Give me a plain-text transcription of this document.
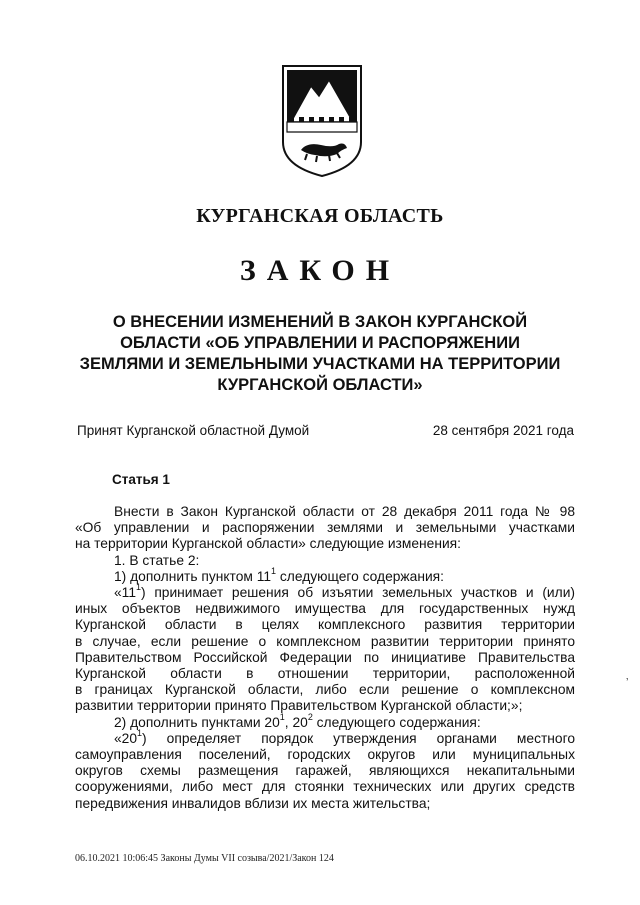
КУРГАНСКАЯ ОБЛАСТЬ
ЗАКОН
О ВНЕСЕНИИ ИЗМЕНЕНИЙ В ЗАКОН КУРГАНСКОЙ
ОБЛАСТИ «ОБ УПРАВЛЕНИИ И РАСПОРЯЖЕНИИ
ЗЕМЛЯМИ И ЗЕМЕЛЬНЫМИ УЧАСТКАМИ НА ТЕРРИТОРИИ
КУРГАНСКОЙ ОБЛАСТИ»
Принят Курганской областной Думой	28 сентября 2021 года
Статья 1

Внести в Закон Курганской области от 28 декабря 2011 года № 98

«Об управлении и распоряжении землями и земельными участками

на территории Курганской области» следующие изменения:

1. В статье 2:

1) дополнить пунктом $11^1$ следующего содержания:

«$11^1$) принимает решения об изъятии земельных участков и (или)

иных объектов недвижимого имущества для государственных нужд

Курганской области в целях комплексного развития территории

в случае, если решение о комплексном развитии территории принято

Правительством Российской Федерации по инициативе Правительства

Курганской области в отношении территории, расположенной

в границах Курганской области, либо если решение о комплексном

развитии территории принято Правительством Курганской области;»;

2) дополнить пунктами $20^1$, $20^2$ следующего содержания:

«$20^1$) определяет порядок утверждения органами местного

самоуправления поселений, городских округов или муниципальных

округов схемы размещения гаражей, являющихся некапитальными

сооружениями, либо мест для стоянки технических или других средств

передвижения инвалидов вблизи их места жительства;

ʼ
06.10.2021 10:06:45 Законы Думы VII созыва/2021/Закон 124
